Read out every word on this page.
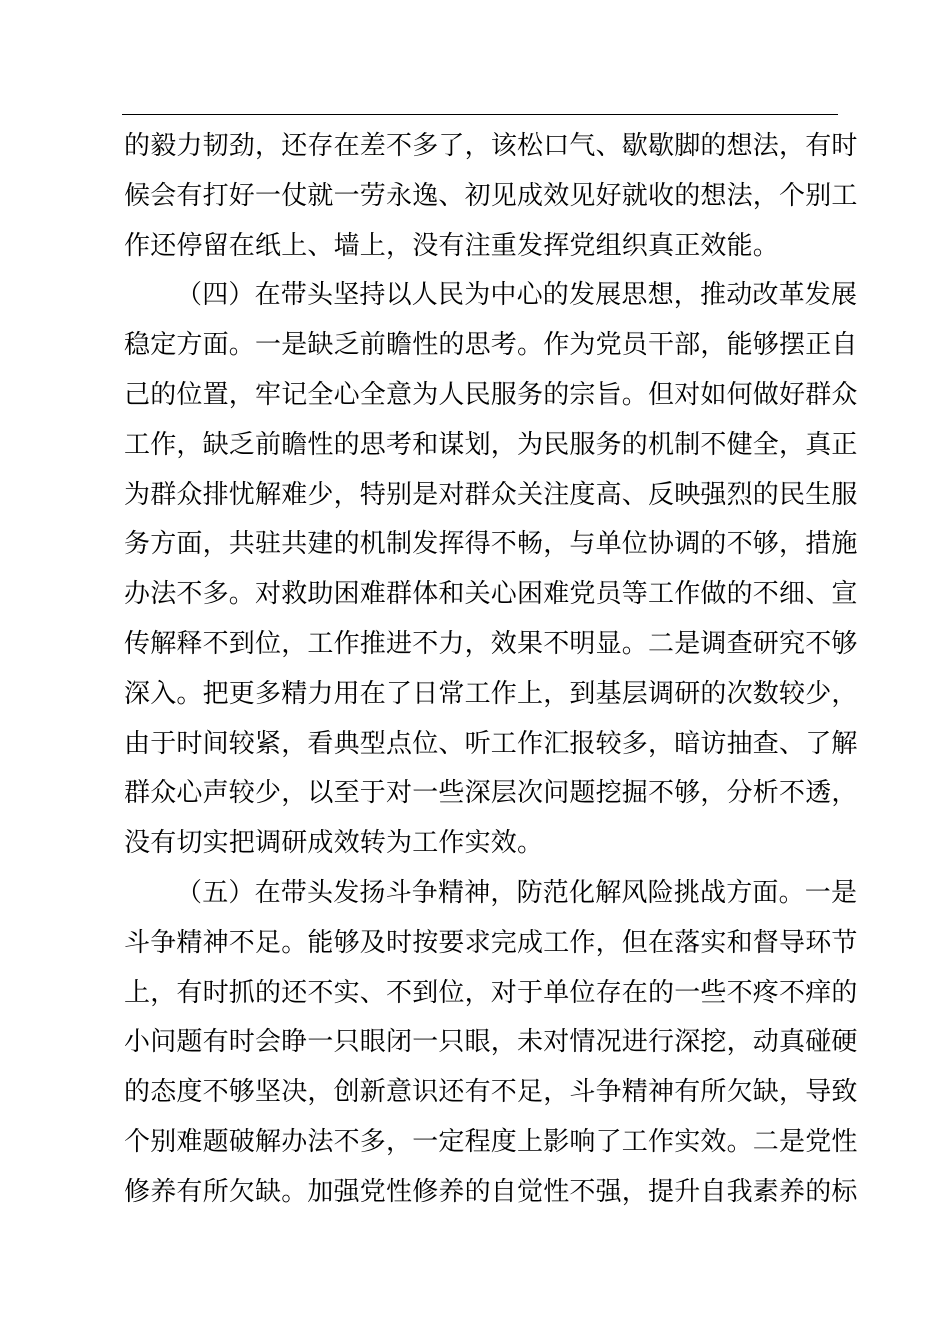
的毅力韧劲，还存在差不多了，该松口气、歇歇脚的想法，有时
候会有打好一仗就一劳永逸、初见成效见好就收的想法，个别工
作还停留在纸上、墙上，没有注重发挥党组织真正效能。
（四）在带头坚持以人民为中心的发展思想，推动改革发展
稳定方面。一是缺乏前瞻性的思考。作为党员干部，能够摆正自
己的位置，牢记全心全意为人民服务的宗旨。但对如何做好群众
工作，缺乏前瞻性的思考和谋划，为民服务的机制不健全，真正
为群众排忧解难少，特别是对群众关注度高、反映强烈的民生服
务方面，共驻共建的机制发挥得不畅，与单位协调的不够，措施
办法不多。对救助困难群体和关心困难党员等工作做的不细、宣
传解释不到位，工作推进不力，效果不明显。二是调查研究不够
深入。把更多精力用在了日常工作上，到基层调研的次数较少，
由于时间较紧，看典型点位、听工作汇报较多，暗访抽查、了解
群众心声较少，以至于对一些深层次问题挖掘不够，分析不透，
没有切实把调研成效转为工作实效。
（五）在带头发扬斗争精神，防范化解风险挑战方面。一是
斗争精神不足。能够及时按要求完成工作，但在落实和督导环节
上，有时抓的还不实、不到位，对于单位存在的一些不疼不痒的
小问题有时会睁一只眼闭一只眼，未对情况进行深挖，动真碰硬
的态度不够坚决，创新意识还有不足，斗争精神有所欠缺，导致
个别难题破解办法不多，一定程度上影响了工作实效。二是党性
修养有所欠缺。加强党性修养的自觉性不强，提升自我素养的标
